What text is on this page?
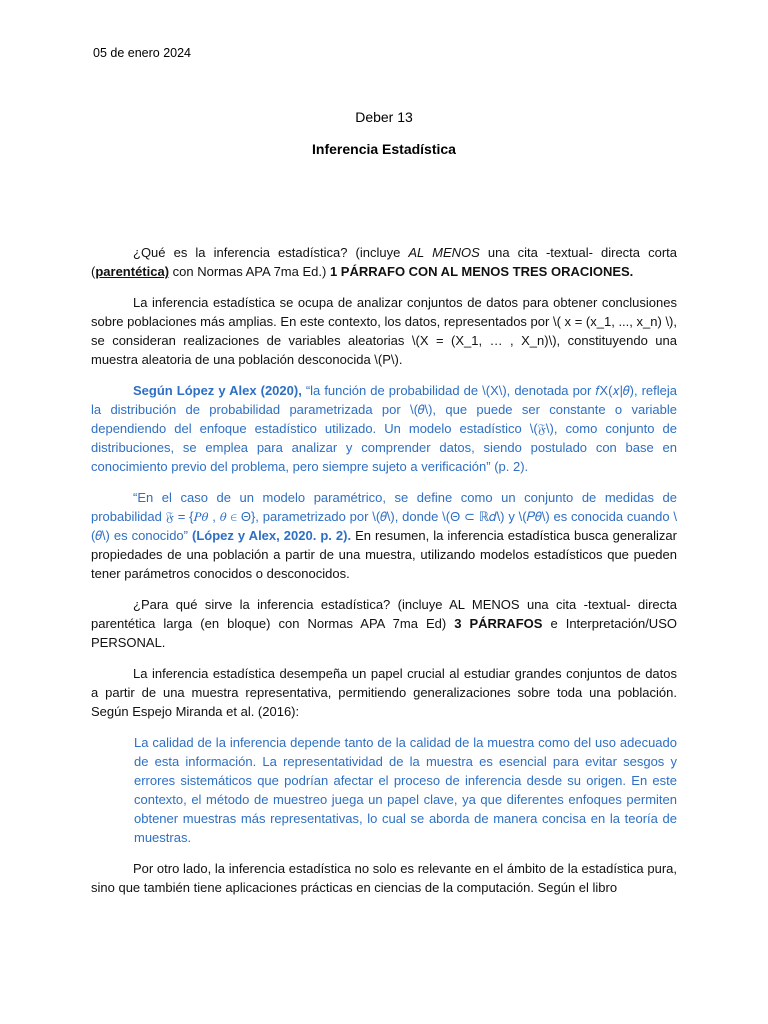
05 de enero 2024
Deber 13
Inferencia Estadística

¿Qué es la inferencia estadística? (incluye AL MENOS una cita -textual- directa corta (parentética) con Normas APA 7ma Ed.) 1 PÁRRAFO CON AL MENOS TRES ORACIONES.

La inferencia estadística se ocupa de analizar conjuntos de datos para obtener conclusiones sobre poblaciones más amplias. En este contexto, los datos, representados por \( x = (x_1, ..., x_n) \), se consideran realizaciones de variables aleatorias \(X = (X_1, … , X_n)\), constituyendo una muestra aleatoria de una población desconocida \(P\).

Según López y Alex (2020), “la función de probabilidad de \(X\), denotada por 𝑓X(𝑥|𝜃), refleja la distribución de probabilidad parametrizada por \(𝜃\), que puede ser constante o variable dependiendo del enfoque estadístico utilizado. Un modelo estadístico \(𝔉\), como conjunto de distribuciones, se emplea para analizar y comprender datos, siendo postulado con base en conocimiento previo del problema, pero siempre sujeto a verificación” (p. 2).

“En el caso de un modelo paramétrico, se define como un conjunto de medidas de probabilidad 𝔉 = {𝑃𝜃 , 𝜃 ∈ Θ}, parametrizado por \(𝜃\), donde \(Θ ⊂ ℝ𝑑\) y \(𝑃𝜃\) es conocida cuando \(𝜃\) es conocido” (López y Alex, 2020. p. 2). En resumen, la inferencia estadística busca generalizar propiedades de una población a partir de una muestra, utilizando modelos estadísticos que pueden tener parámetros conocidos o desconocidos.

¿Para qué sirve la inferencia estadística? (incluye AL MENOS una cita -textual- directa parentética larga (en bloque) con Normas APA 7ma Ed) 3 PÁRRAFOS e Interpretación/USO PERSONAL.

La inferencia estadística desempeña un papel crucial al estudiar grandes conjuntos de datos a partir de una muestra representativa, permitiendo generalizaciones sobre toda una población. Según Espejo Miranda et al. (2016):

La calidad de la inferencia depende tanto de la calidad de la muestra como del uso adecuado de esta información. La representatividad de la muestra es esencial para evitar sesgos y errores sistemáticos que podrían afectar el proceso de inferencia desde su origen. En este contexto, el método de muestreo juega un papel clave, ya que diferentes enfoques permiten obtener muestras más representativas, lo cual se aborda de manera concisa en la teoría de muestras.

Por otro lado, la inferencia estadística no solo es relevante en el ámbito de la estadística pura, sino que también tiene aplicaciones prácticas en ciencias de la computación. Según el libro
